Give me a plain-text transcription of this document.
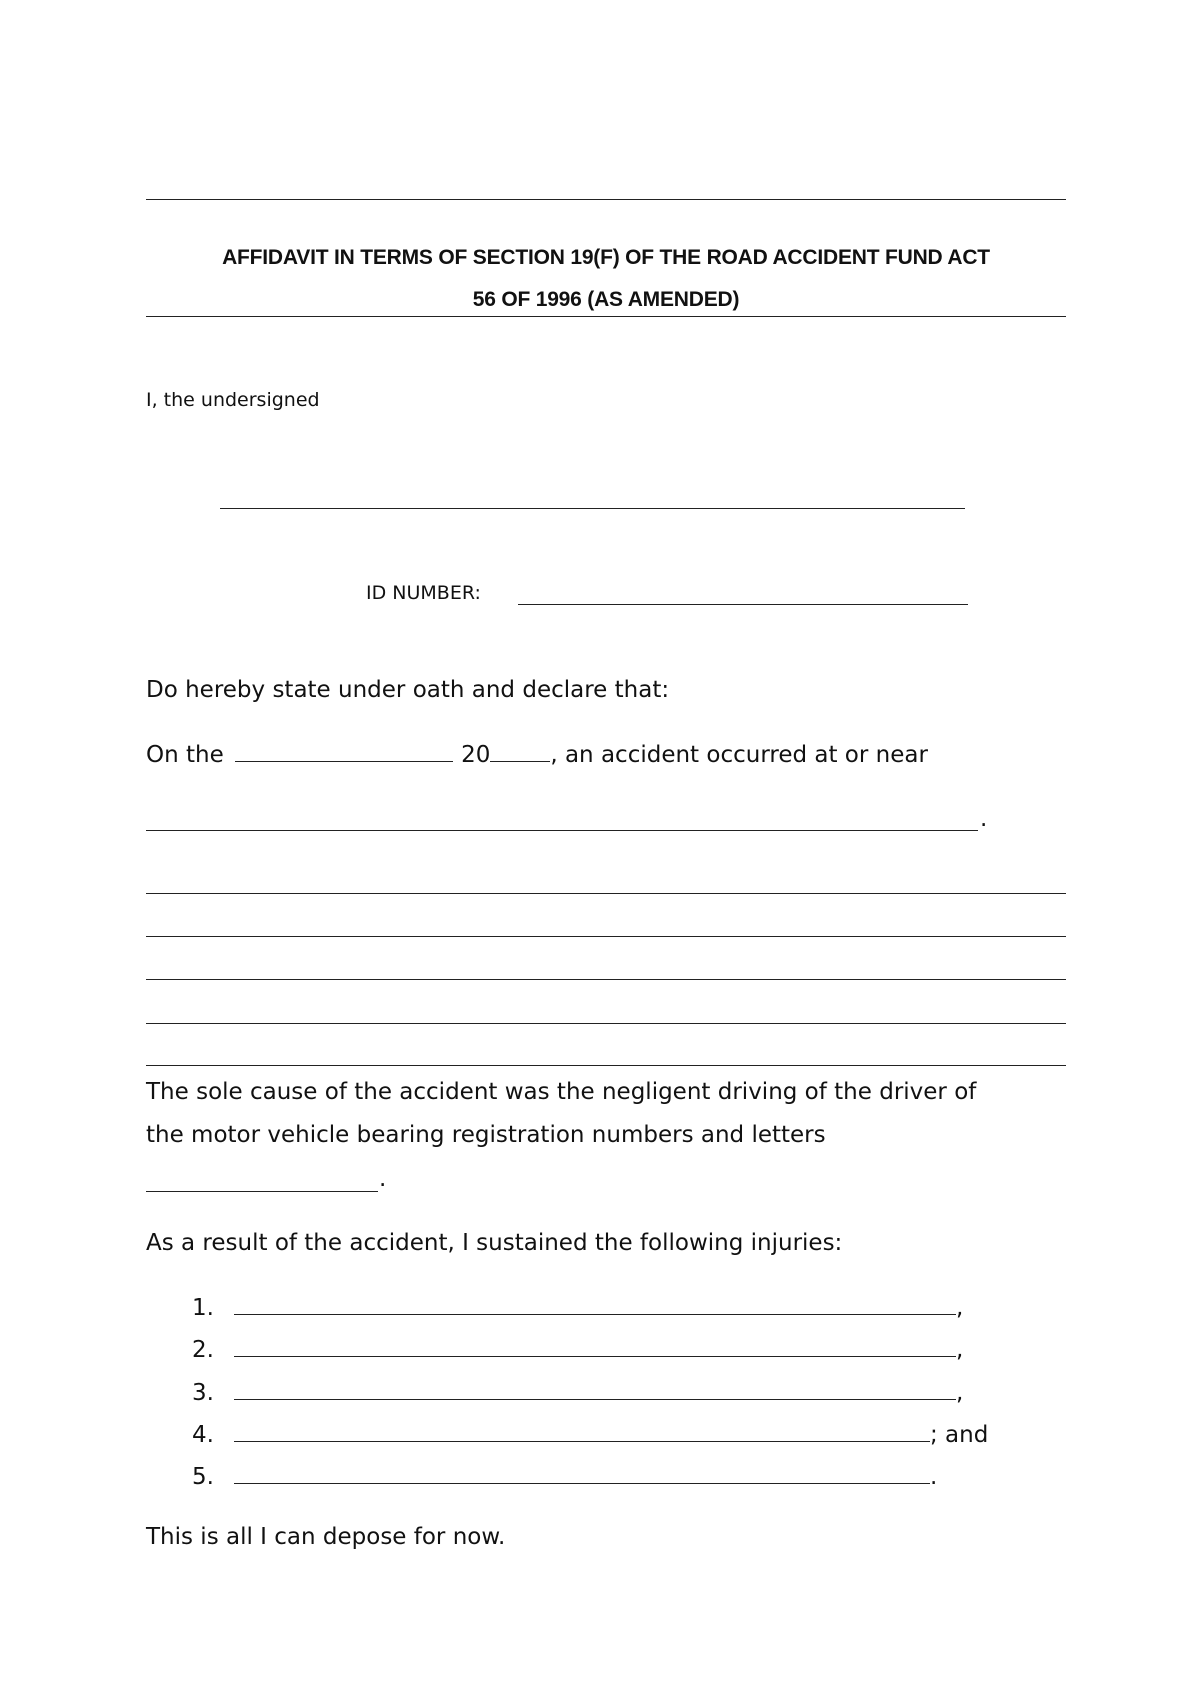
AFFIDAVIT IN TERMS OF SECTION 19(F) OF THE ROAD ACCIDENT FUND ACT
56 OF 1996 (AS AMENDED)
I, the undersigned
ID NUMBER:
Do hereby state under oath and declare that:
On the	20	, an accident occurred at or near
.
The sole cause of the accident was the negligent driving of the driver of
the motor vehicle bearing registration numbers and letters
.
As a result of the accident, I sustained the following injuries:
1.	,
2.	,
3.	,
4.	; and
5.	.
This is all I can depose for now.
